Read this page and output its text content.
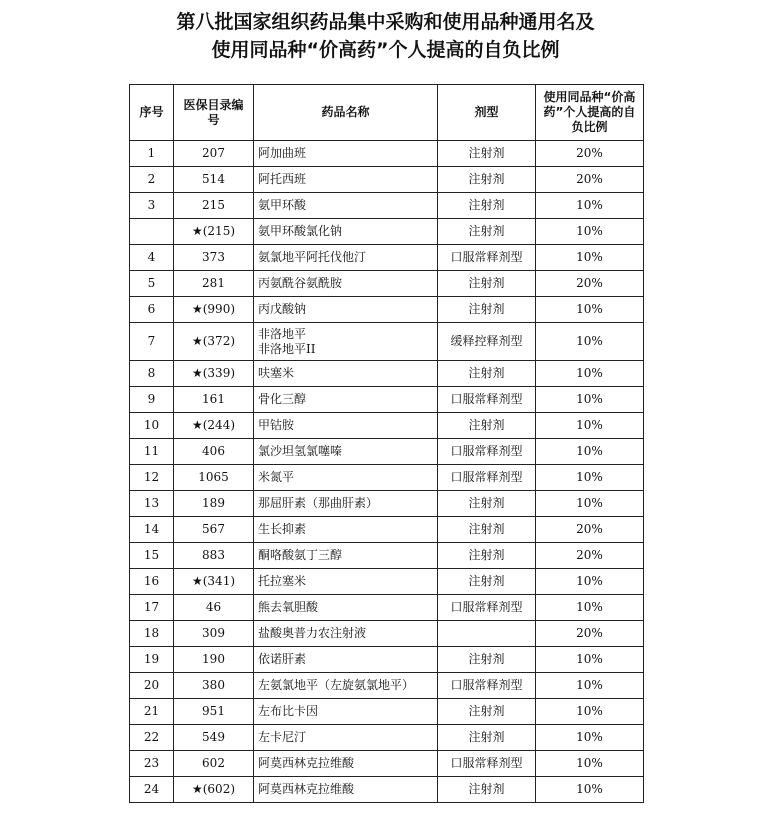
第八批国家组织药品集中采购和使用品种通用名及
使用同品种“价高药”个人提高的自负比例
序号	医保目录编号	药品名称	剂型	使用同品种“价高药”个人提高的自负比例
1	207	阿加曲班	注射剂	20%
2	514	阿托西班	注射剂	20%
3	215	氨甲环酸	注射剂	10%
	★(215)	氨甲环酸氯化钠	注射剂	10%
4	373	氨氯地平阿托伐他汀	口服常释剂型	10%
5	281	丙氨酰谷氨酰胺	注射剂	20%
6	★(990)	丙戊酸钠	注射剂	10%
7	★(372)	非洛地平
非洛地平II	缓释控释剂型	10%
8	★(339)	呋塞米	注射剂	10%
9	161	骨化三醇	口服常释剂型	10%
10	★(244)	甲钴胺	注射剂	10%
11	406	氯沙坦氢氯噻嗪	口服常释剂型	10%
12	1065	米氮平	口服常释剂型	10%
13	189	那屈肝素（那曲肝素）	注射剂	10%
14	567	生长抑素	注射剂	20%
15	883	酮咯酸氨丁三醇	注射剂	20%
16	★(341)	托拉塞米	注射剂	10%
17	46	熊去氧胆酸	口服常释剂型	10%
18	309	盐酸奥普力农注射液		20%
19	190	依诺肝素	注射剂	10%
20	380	左氨氯地平（左旋氨氯地平）	口服常释剂型	10%
21	951	左布比卡因	注射剂	10%
22	549	左卡尼汀	注射剂	10%
23	602	阿莫西林克拉维酸	口服常释剂型	10%
24	★(602)	阿莫西林克拉维酸	注射剂	10%
